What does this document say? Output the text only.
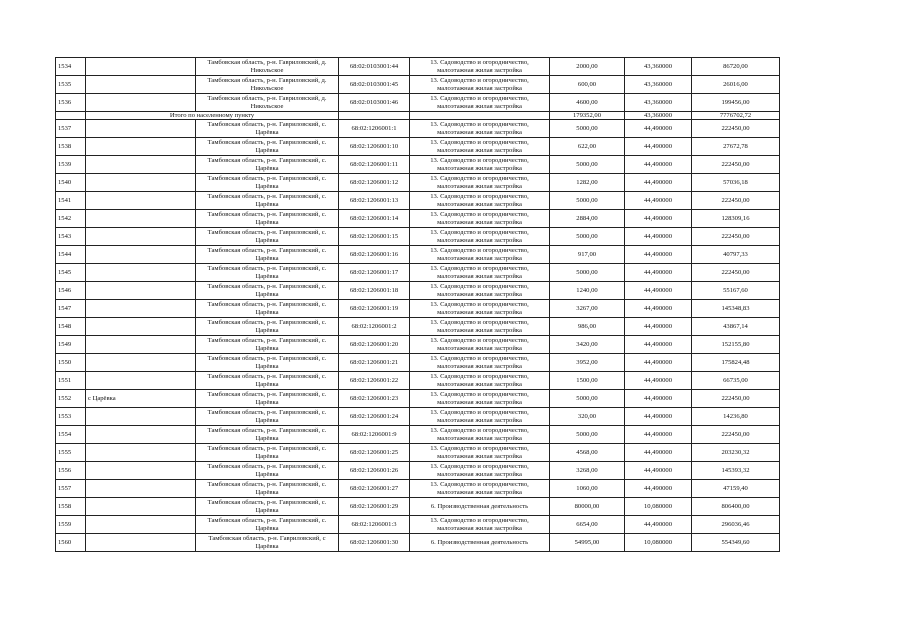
1534		Тамбовская область, р-н. Гавриловский, д. Никольское	68:02:0103001:44	13. Садоводство и огородничество, малоэтажная жилая застройка	2000,00	43,360000	86720,00
1535		Тамбовская область, р-н. Гавриловский, д. Никольское	68:02:0103001:45	13. Садоводство и огородничество, малоэтажная жилая застройка	600,00	43,360000	26016,00
1536		Тамбовская область, р-н. Гавриловский, д. Никольское	68:02:0103001:46	13. Садоводство и огородничество, малоэтажная жилая застройка	4600,00	43,360000	199456,00
	Итого по населенному пункту				179352,00	43,360000	7776702,72
1537		Тамбовская область, р-н. Гавриловский, с. Царёвка	68:02:1206001:1	13. Садоводство и огородничество, малоэтажная жилая застройка	5000,00	44,490000	222450,00
1538		Тамбовская область, р-н. Гавриловский, с. Царёвка	68:02:1206001:10	13. Садоводство и огородничество, малоэтажная жилая застройка	622,00	44,490000	27672,78
1539		Тамбовская область, р-н. Гавриловский, с. Царёвка	68:02:1206001:11	13. Садоводство и огородничество, малоэтажная жилая застройка	5000,00	44,490000	222450,00
1540		Тамбовская область, р-н. Гавриловский, с. Царёвка	68:02:1206001:12	13. Садоводство и огородничество, малоэтажная жилая застройка	1282,00	44,490000	57036,18
1541		Тамбовская область, р-н. Гавриловский, с. Царёвка	68:02:1206001:13	13. Садоводство и огородничество, малоэтажная жилая застройка	5000,00	44,490000	222450,00
1542		Тамбовская область, р-н. Гавриловский, с. Царёвка	68:02:1206001:14	13. Садоводство и огородничество, малоэтажная жилая застройка	2884,00	44,490000	128309,16
1543		Тамбовская область, р-н. Гавриловский, с. Царёвка	68:02:1206001:15	13. Садоводство и огородничество, малоэтажная жилая застройка	5000,00	44,490000	222450,00
1544		Тамбовская область, р-н. Гавриловский, с. Царёвка	68:02:1206001:16	13. Садоводство и огородничество, малоэтажная жилая застройка	917,00	44,490000	40797,33
1545		Тамбовская область, р-н. Гавриловский, с. Царёвка	68:02:1206001:17	13. Садоводство и огородничество, малоэтажная жилая застройка	5000,00	44,490000	222450,00
1546		Тамбовская область, р-н. Гавриловский, с. Царёвка	68:02:1206001:18	13. Садоводство и огородничество, малоэтажная жилая застройка	1240,00	44,490000	55167,60
1547		Тамбовская область, р-н. Гавриловский, с. Царёвка	68:02:1206001:19	13. Садоводство и огородничество, малоэтажная жилая застройка	3267,00	44,490000	145348,83
1548		Тамбовская область, р-н. Гавриловский, с. Царёвка	68:02:1206001:2	13. Садоводство и огородничество, малоэтажная жилая застройка	986,00	44,490000	43867,14
1549		Тамбовская область, р-н. Гавриловский, с. Царёвка	68:02:1206001:20	13. Садоводство и огородничество, малоэтажная жилая застройка	3420,00	44,490000	152155,80
1550		Тамбовская область, р-н. Гавриловский, с. Царёвка	68:02:1206001:21	13. Садоводство и огородничество, малоэтажная жилая застройка	3952,00	44,490000	175824,48
1551		Тамбовская область, р-н. Гавриловский, с. Царёвка	68:02:1206001:22	13. Садоводство и огородничество, малоэтажная жилая застройка	1500,00	44,490000	66735,00
1552	с Царёвка	Тамбовская область, р-н. Гавриловский, с. Царёвка	68:02:1206001:23	13. Садоводство и огородничество, малоэтажная жилая застройка	5000,00	44,490000	222450,00
1553		Тамбовская область, р-н. Гавриловский, с. Царёвка	68:02:1206001:24	13. Садоводство и огородничество, малоэтажная жилая застройка	320,00	44,490000	14236,80
1554		Тамбовская область, р-н. Гавриловский, с. Царёвка	68:02:1206001:9	13. Садоводство и огородничество, малоэтажная жилая застройка	5000,00	44,490000	222450,00
1555		Тамбовская область, р-н. Гавриловский, с. Царёвка	68:02:1206001:25	13. Садоводство и огородничество, малоэтажная жилая застройка	4568,00	44,490000	203230,32
1556		Тамбовская область, р-н. Гавриловский, с. Царёвка	68:02:1206001:26	13. Садоводство и огородничество, малоэтажная жилая застройка	3268,00	44,490000	145393,32
1557		Тамбовская область, р-н. Гавриловский, с. Царёвка	68:02:1206001:27	13. Садоводство и огородничество, малоэтажная жилая застройка	1060,00	44,490000	47159,40
1558		Тамбовская область, р-н. Гавриловский, с. Царёвка	68:02:1206001:29	6. Производственная деятельность	80000,00	10,080000	806400,00
1559		Тамбовская область, р-н. Гавриловский, с. Царёвка	68:02:1206001:3	13. Садоводство и огородничество, малоэтажная жилая застройка	6654,00	44,490000	296036,46
1560		Тамбовская область, р-н. Гавриловский, с Царёвка	68:02:1206001:30	6. Производственная деятельность	54995,00	10,080000	554349,60
